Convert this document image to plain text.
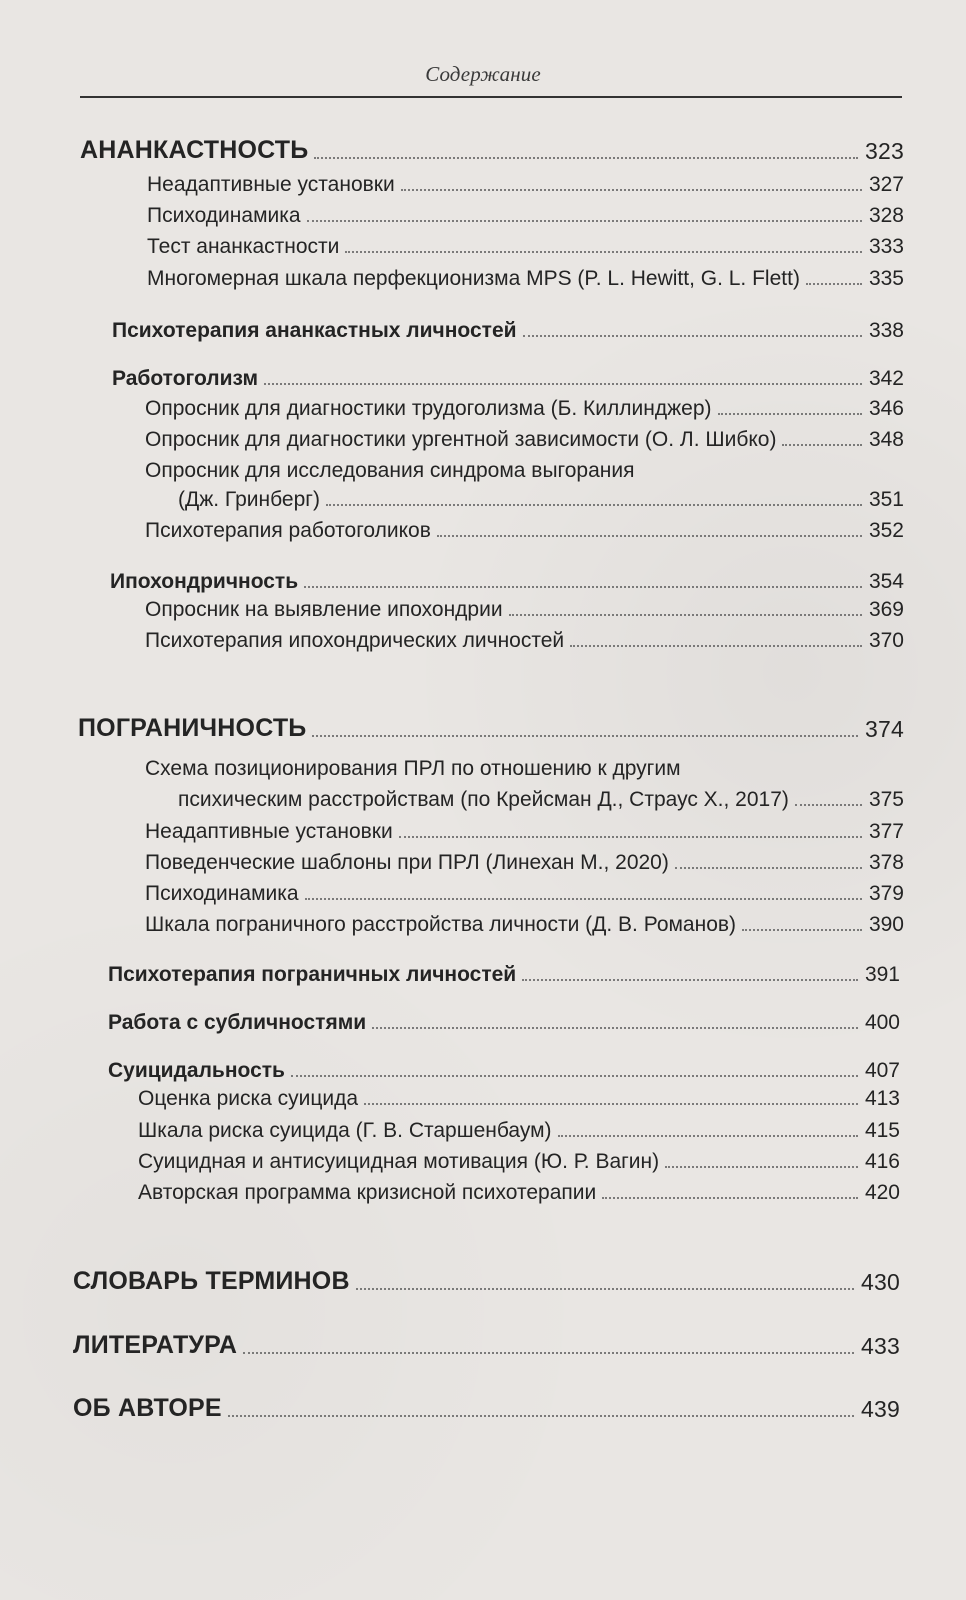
Содержание
АНАНКАСТНОСТЬ	323
Неадаптивные установки	327
Психодинамика	328
Тест ананкастности	333
Многомерная шкала перфекционизма MPS (P. L. Hewitt, G. L. Flett)	335
Психотерапия ананкастных личностей	338
Работоголизм	342
Опросник для диагностики трудоголизма (Б. Киллинджер)	346
Опросник для диагностики ургентной зависимости (О. Л. Шибко)	348
Опросник для исследования синдрома выгорания
(Дж. Гринберг)	351
Психотерапия работоголиков	352
Ипохондричность	354
Опросник на выявление ипохондрии	369
Психотерапия ипохондрических личностей	370
ПОГРАНИЧНОСТЬ	374
Схема позиционирования ПРЛ по отношению к другим
психическим расстройствам (по Крейсман Д., Страус Х., 2017)	375
Неадаптивные установки	377
Поведенческие шаблоны при ПРЛ (Линехан М., 2020)	378
Психодинамика	379
Шкала пограничного расстройства личности (Д. В. Романов)	390
Психотерапия пограничных личностей	391
Работа с субличностями	400
Суицидальность	407
Оценка риска суицида	413
Шкала риска суицида (Г. В. Старшенбаум)	415
Суицидная и антисуицидная мотивация (Ю. Р. Вагин)	416
Авторская программа кризисной психотерапии	420
СЛОВАРЬ ТЕРМИНОВ	430
ЛИТЕРАТУРА	433
ОБ АВТОРЕ	439
